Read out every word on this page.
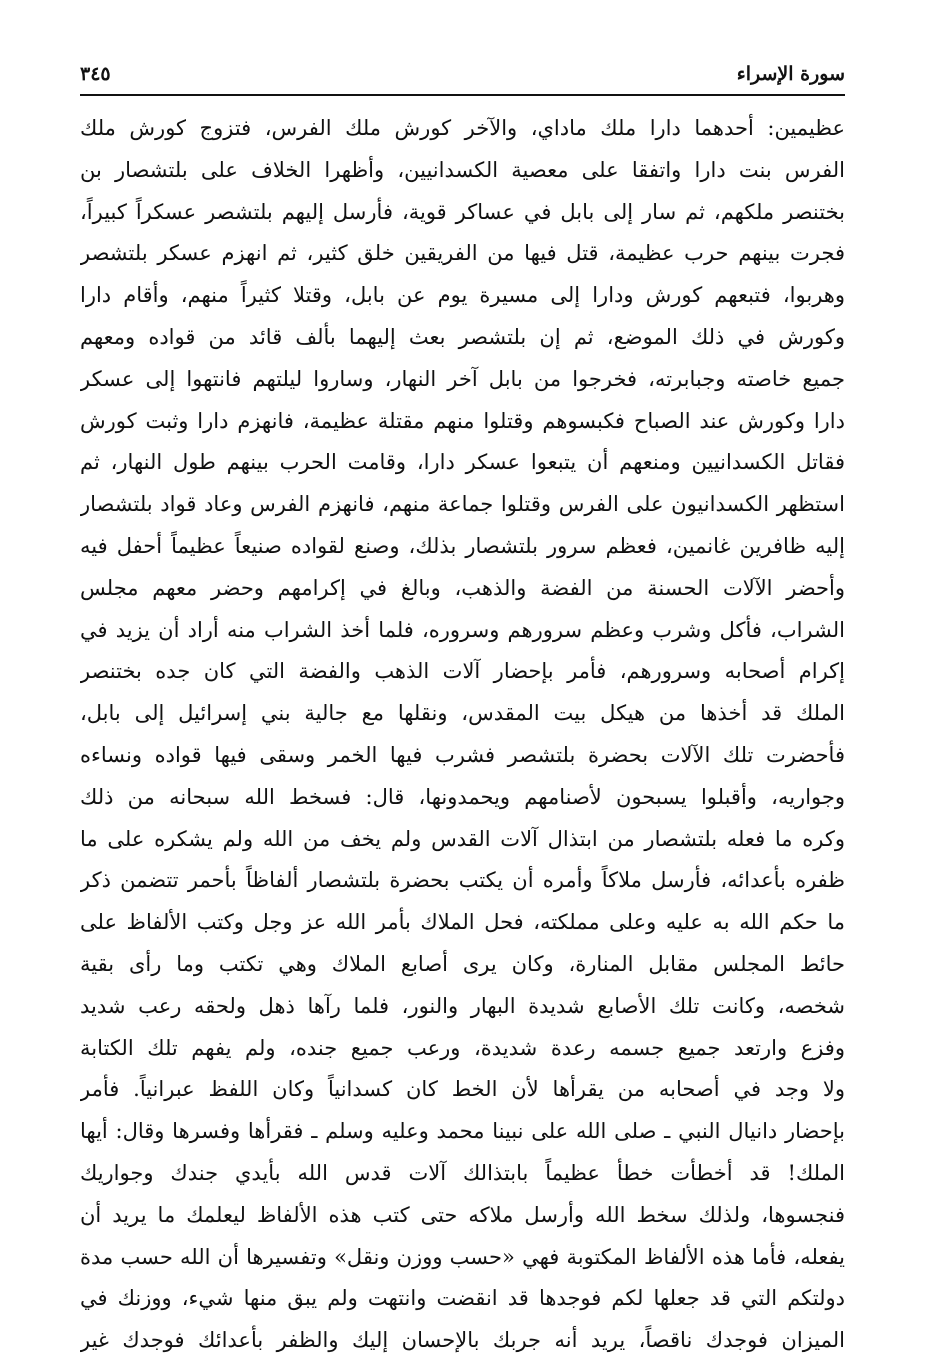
سورة الإسراء
٣٤٥
عظيمين: أحدهما دارا ملك ماداي، والآخر كورش ملك الفرس، فتزوج كورش ملك
الفرس بنت دارا واتفقا على معصية الكسدانيين، وأظهرا الخلاف على بلتشصار بن
بختنصر ملكهم، ثم سار إلى بابل في عساكر قوية، فأرسل إليهم بلتشصر عسكراً كبيراً،
فجرت بينهم حرب عظيمة، قتل فيها من الفريقين خلق كثير، ثم انهزم عسكر بلتشصر
وهربوا، فتبعهم كورش ودارا إلى مسيرة يوم عن بابل، وقتلا كثيراً منهم، وأقام دارا
وكورش في ذلك الموضع، ثم إن بلتشصر بعث إليهما بألف قائد من قواده ومعهم
جميع خاصته وجبابرته، فخرجوا من بابل آخر النهار، وساروا ليلتهم فانتهوا إلى عسكر
دارا وكورش عند الصباح فكبسوهم وقتلوا منهم مقتلة عظيمة، فانهزم دارا وثبت كورش
فقاتل الكسدانيين ومنعهم أن يتبعوا عسكر دارا، وقامت الحرب بينهم طول النهار، ثم
استظهر الكسدانيون على الفرس وقتلوا جماعة منهم، فانهزم الفرس وعاد قواد بلتشصار
إليه ظافرين غانمين، فعظم سرور بلتشصار بذلك، وصنع لقواده صنيعاً عظيماً أحفل فيه
وأحضر الآلات الحسنة من الفضة والذهب، وبالغ في إكرامهم وحضر معهم مجلس
الشراب، فأكل وشرب وعظم سرورهم وسروره، فلما أخذ الشراب منه أراد أن يزيد في
إكرام أصحابه وسرورهم، فأمر بإحضار آلات الذهب والفضة التي كان جده بختنصر
الملك قد أخذها من هيكل بيت المقدس، ونقلها مع جالية بني إسرائيل إلى بابل،
فأحضرت تلك الآلات بحضرة بلتشصر فشرب فيها الخمر وسقى فيها قواده ونساءه
وجواريه، وأقبلوا يسبحون لأصنامهم ويحمدونها، قال: فسخط الله سبحانه من ذلك
وكره ما فعله بلتشصار من ابتذال آلات القدس ولم يخف من الله ولم يشكره على ما
ظفره بأعدائه، فأرسل ملاكاً وأمره أن يكتب بحضرة بلتشصار ألفاظاً بأحمر تتضمن ذكر
ما حكم الله به عليه وعلى مملكته، فحل الملاك بأمر الله عز وجل وكتب الألفاظ على
حائط المجلس مقابل المنارة، وكان يرى أصابع الملاك وهي تكتب وما رأى بقية
شخصه، وكانت تلك الأصابع شديدة البهار والنور، فلما رآها ذهل ولحقه رعب شديد
وفزع وارتعد جميع جسمه رعدة شديدة، ورعب جميع جنده، ولم يفهم تلك الكتابة
ولا وجد في أصحابه من يقرأها لأن الخط كان كسدانياً وكان اللفظ عبرانياً. فأمر
بإحضار دانيال النبي ـ صلى الله على نبينا محمد وعليه وسلم ـ فقرأها وفسرها وقال: أيها
الملك! قد أخطأت خطأ عظيماً بابتذالك آلات قدس الله بأيدي جندك وجواريك
فنجسوها، ولذلك سخط الله وأرسل ملاكه حتى كتب هذه الألفاظ ليعلمك ما يريد أن
يفعله، فأما هذه الألفاظ المكتوبة فهي «حسب ووزن ونقل» وتفسيرها أن الله حسب مدة
دولتكم التي قد جعلها لكم فوجدها قد انقضت وانتهت ولم يبق منها شيء، ووزنك في
الميزان فوجدك ناقصاً، يريد أنه جربك بالإحسان إليك والظفر بأعدائك فوجدك غير
